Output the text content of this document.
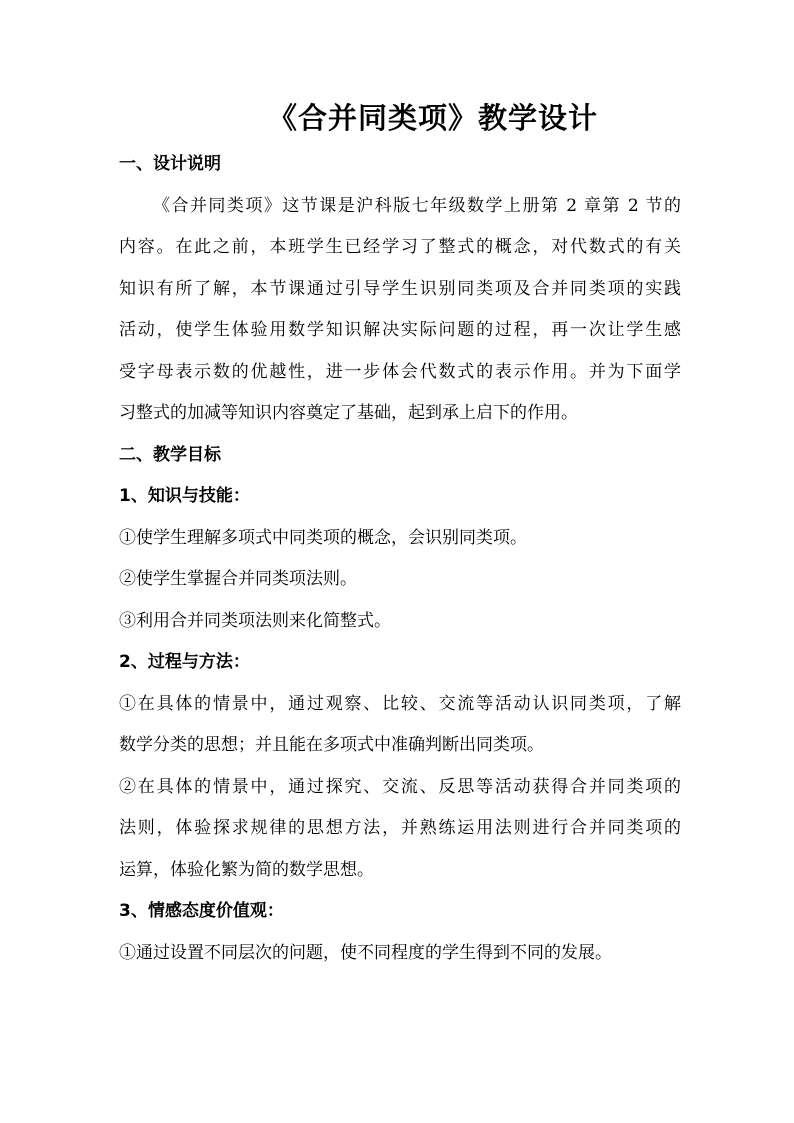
《合并同类项》教学设计
一、设计说明
《合并同类项》这节课是沪科版七年级数学上册第 2 章第 2 节的
内容。在此之前，本班学生已经学习了整式的概念，对代数式的有关
知识有所了解，本节课通过引导学生识别同类项及合并同类项的实践
活动，使学生体验用数学知识解决实际问题的过程，再一次让学生感
受字母表示数的优越性，进一步体会代数式的表示作用。并为下面学
习整式的加减等知识内容奠定了基础，起到承上启下的作用。
二、教学目标
1、知识与技能：
①使学生理解多项式中同类项的概念，会识别同类项。
②使学生掌握合并同类项法则。
③利用合并同类项法则来化简整式。
2、过程与方法：
①在具体的情景中，通过观察、比较、交流等活动认识同类项，了解
数学分类的思想；并且能在多项式中准确判断出同类项。
②在具体的情景中，通过探究、交流、反思等活动获得合并同类项的
法则，体验探求规律的思想方法，并熟练运用法则进行合并同类项的
运算，体验化繁为简的数学思想。
3、情感态度价值观：
①通过设置不同层次的问题，使不同程度的学生得到不同的发展。
